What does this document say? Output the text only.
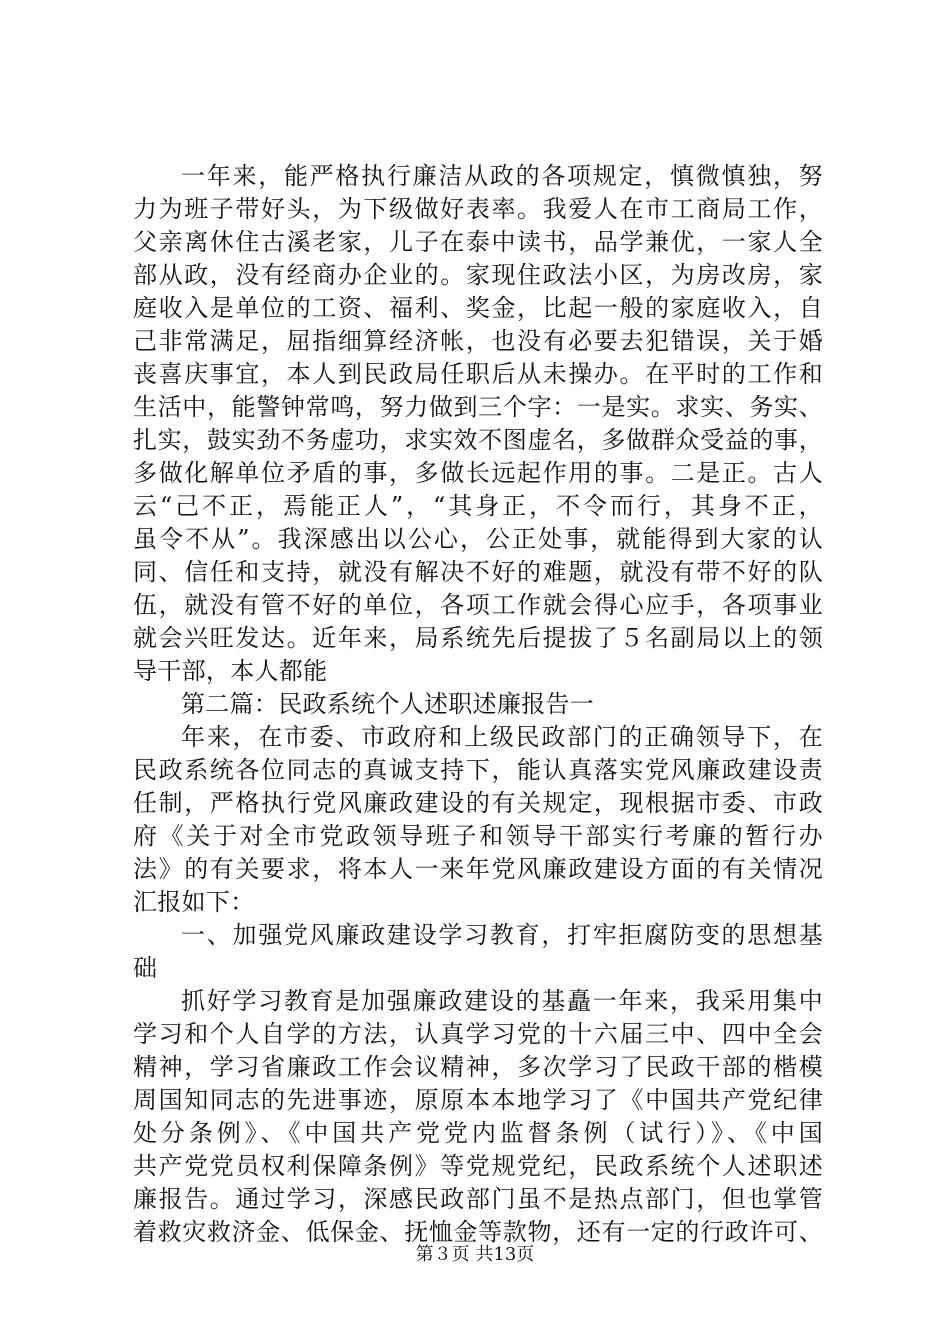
一年来，能严格执行廉洁从政的各项规定，慎微慎独，努
力为班子带好头，为下级做好表率。我爱人在市工商局工作，
父亲离休住古溪老家，儿子在泰中读书，品学兼优，一家人全
部从政，没有经商办企业的。家现住政法小区，为房改房，家
庭收入是单位的工资、福利、奖金，比起一般的家庭收入，自
己非常满足，屈指细算经济帐，也没有必要去犯错误，关于婚
丧喜庆事宜，本人到民政局任职后从未操办。在平时的工作和
生活中，能警钟常鸣，努力做到三个字：一是实。求实、务实、
扎实，鼓实劲不务虚功，求实效不图虚名，多做群众受益的事，
多做化解单位矛盾的事，多做长远起作用的事。二是正。古人
云“己不正，焉能正人”，“其身正，不令而行，其身不正，
虽令不从”。我深感出以公心，公正处事，就能得到大家的认
同、信任和支持，就没有解决不好的难题，就没有带不好的队
伍，就没有管不好的单位，各项工作就会得心应手，各项事业
就会兴旺发达。近年来，局系统先后提拔了５名副局以上的领
导干部，本人都能
第二篇：民政系统个人述职述廉报告一
年来，在市委、市政府和上级民政部门的正确领导下，在
民政系统各位同志的真诚支持下，能认真落实党风廉政建设责
任制，严格执行党风廉政建设的有关规定，现根据市委、市政
府《关于对全市党政领导班子和领导干部实行考廉的暂行办
法》的有关要求，将本人一来年党风廉政建设方面的有关情况
汇报如下：
一、加强党风廉政建设学习教育，打牢拒腐防变的思想基
础
抓好学习教育是加强廉政建设的基矗一年来，我采用集中
学习和个人自学的方法，认真学习党的十六届三中、四中全会
精神，学习省廉政工作会议精神，多次学习了民政干部的楷模
周国知同志的先进事迹，原原本本地学习了《中国共产党纪律
处分条例》、《中国共产党党内监督条例（试行）》、《中国
共产党党员权利保障条例》等党规党纪，民政系统个人述职述
廉报告。通过学习，深感民政部门虽不是热点部门，但也掌管
着救灾救济金、低保金、抚恤金等款物，还有一定的行政许可、
第３页 共13页
